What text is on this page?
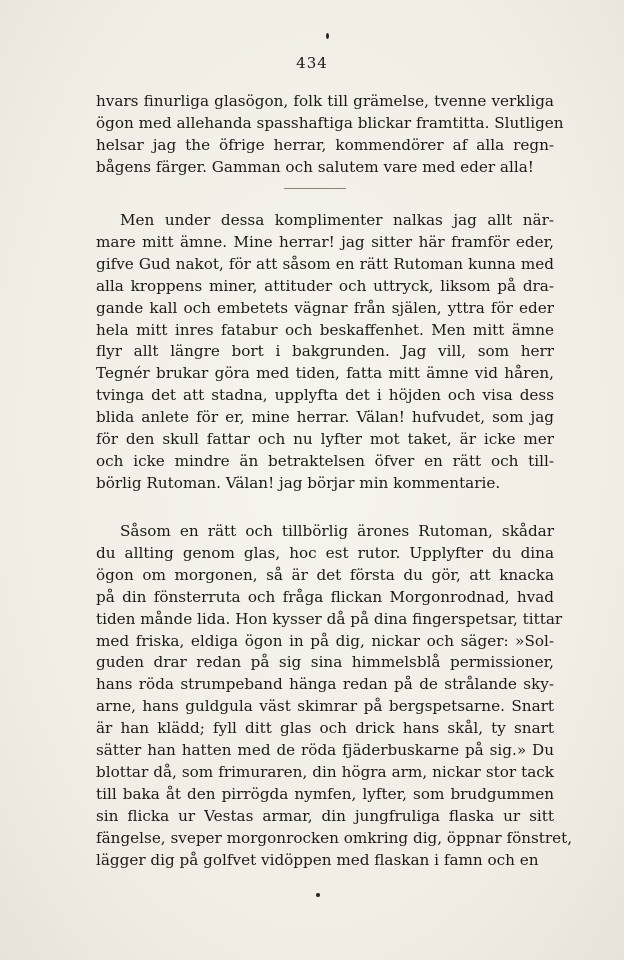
434
hvars finurliga glasögon, folk till grämelse, tvenne verkliga
ögon med allehanda spasshaftiga blickar framtitta. Slutligen
helsar jag the öfrige herrar, kommendörer af alla regn-
bågens färger. Gamman och salutem vare med eder alla!
Men under dessa komplimenter nalkas jag allt när-
mare mitt ämne. Mine herrar! jag sitter här framför eder,
gifve Gud nakot, för att såsom en rätt Rutoman kunna med
alla kroppens miner, attituder och uttryck, liksom på dra-
gande kall och embetets vägnar från själen, yttra för eder
hela mitt inres fatabur och beskaffenhet. Men mitt ämne
flyr allt längre bort i bakgrunden. Jag vill, som herr
Tegnér brukar göra med tiden, fatta mitt ämne vid håren,
tvinga det att stadna, upplyfta det i höjden och visa dess
blida anlete för er, mine herrar. Välan! hufvudet, som jag
för den skull fattar och nu lyfter mot taket, är icke mer
och icke mindre än betraktelsen öfver en rätt och till-
börlig Rutoman. Välan! jag börjar min kommentarie.
Såsom en rätt och tillbörlig ärones Rutoman, skådar
du allting genom glas, hoc est rutor. Upplyfter du dina
ögon om morgonen, så är det första du gör, att knacka
på din fönsterruta och fråga flickan Morgonrodnad, hvad
tiden månde lida. Hon kysser då på dina fingerspetsar, tittar
med friska, eldiga ögon in på dig, nickar och säger: »Sol-
guden drar redan på sig sina himmelsblå permissioner,
hans röda strumpeband hänga redan på de strålande sky-
arne, hans guldgula väst skimrar på bergspetsarne. Snart
är han klädd; fyll ditt glas och drick hans skål, ty snart
sätter han hatten med de röda fjäderbuskarne på sig.» Du
blottar då, som frimuraren, din högra arm, nickar stor tack
till baka åt den pirrögda nymfen, lyfter, som brudgummen
sin flicka ur Vestas armar, din jungfruliga flaska ur sitt
fängelse, sveper morgonrocken omkring dig, öppnar fönstret,
lägger dig på golfvet vidöppen med flaskan i famn och en
